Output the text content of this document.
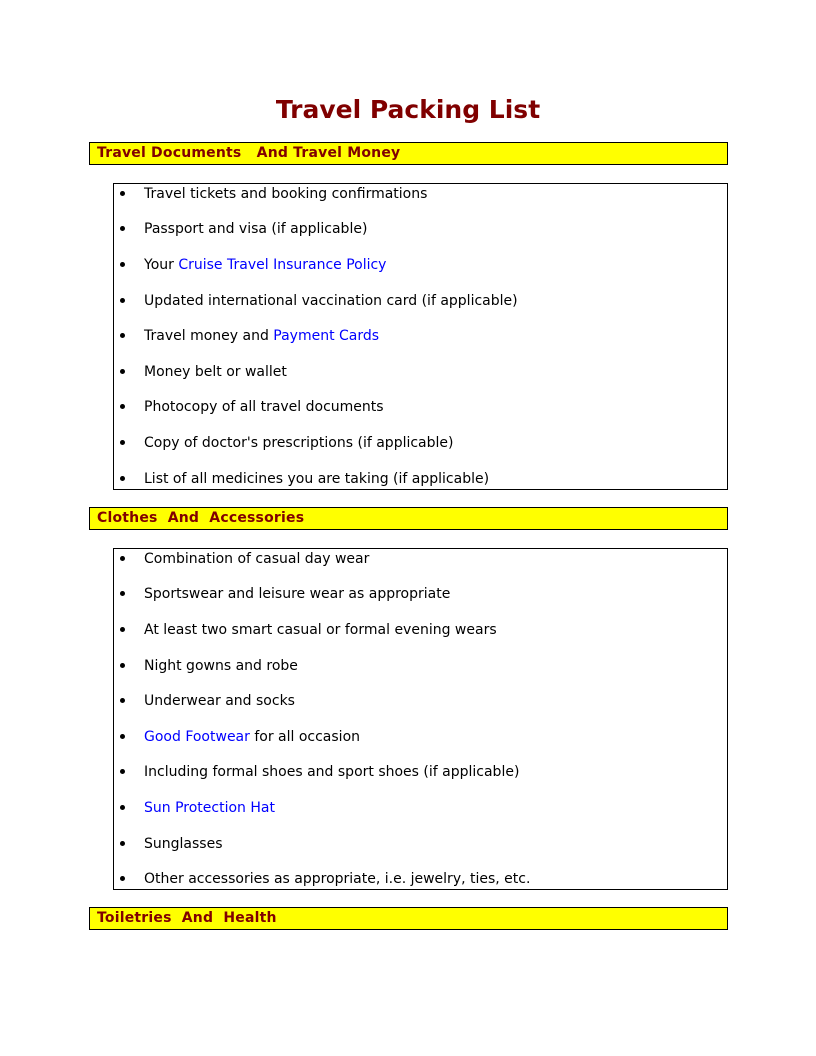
Travel Packing List
Travel Documents   And Travel Money
Travel tickets and booking confirmations
Passport and visa (if applicable)
Your Cruise Travel Insurance Policy
Updated international vaccination card (if applicable)
Travel money and Payment Cards
Money belt or wallet
Photocopy of all travel documents
Copy of doctor's prescriptions (if applicable)
List of all medicines you are taking (if applicable)
Clothes  And  Accessories
Combination of casual day wear
Sportswear and leisure wear as appropriate
At least two smart casual or formal evening wears
Night gowns and robe
Underwear and socks
Good Footwear for all occasion
Including formal shoes and sport shoes (if applicable)
Sun Protection Hat
Sunglasses
Other accessories as appropriate, i.e. jewelry, ties, etc.
Toiletries  And  Health
